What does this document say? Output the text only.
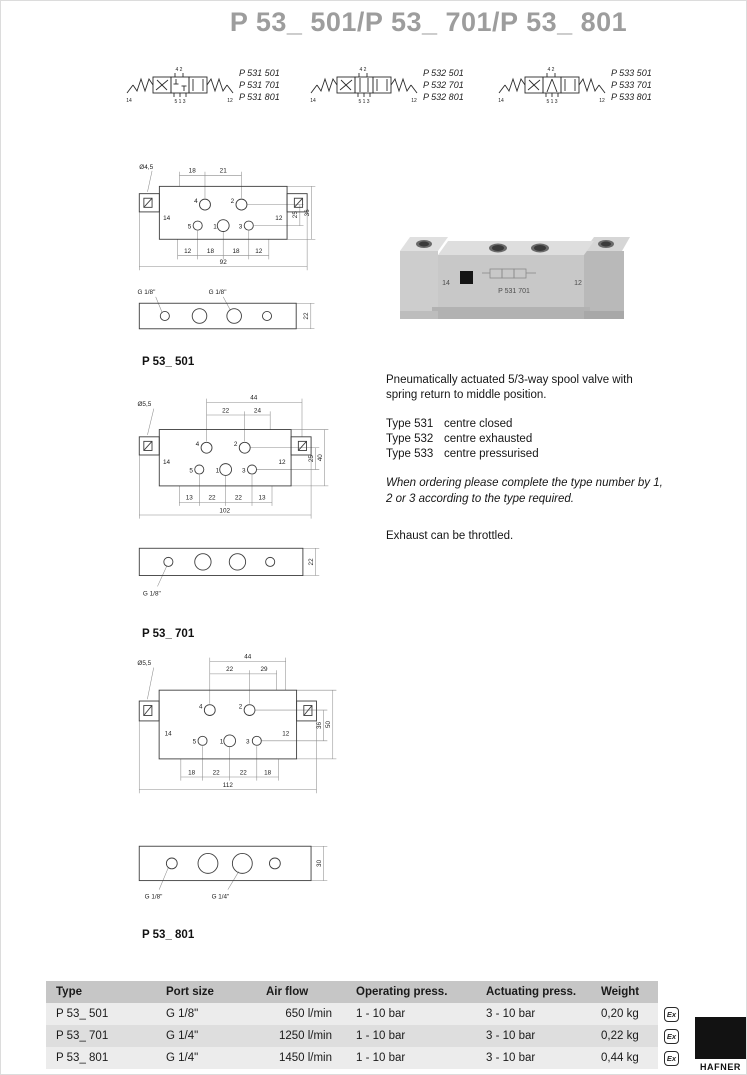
P 53_ 501/P 53_ 701/P 53_ 801
4 2
5 1 3
14	12
P 531 501
P 531 701
P 531 801
4 2
5 1 3
14	12
P 532 501
P 532 701
P 532 801
4 2
5 1 3
14	12
P 533 501
P 533 701
P 533 801
Ø4,5
18	21
4	2
14	12
5	1	3
12 18	18 12
92
25 36
G 1/8"	G 1/8"
22
P 53_ 501
P 531 701
14	12

Pneumatically actuated 5/3-way spool valve with spring return to middle position.

Type 531 centre closed
Type 532 centre exhausted
Type 533 centre pressurised

When ordering please complete the type number by 1, 2 or 3 according to the type required.

Exhaust can be throttled.

44
Ø5,5
22	24
4	2
14	12
5	1	3
13 22	22 13
102
25 40
G 1/8"
22
P 53_ 701
44
Ø5,5
22	29
4	2
14	12
5	1	3
18 22	22 18
112
36 50
G 1/8"	G 1/4"
30
P 53_ 801
Type	Port size	Air flow	Operating press.	Actuating press.	Weight
P 53_ 501	G 1/8"	650 l/min	1 - 10 bar	3 - 10 bar	0,20 kg	Ex
P 53_ 701	G 1/4"	1250 l/min	1 - 10 bar	3 - 10 bar	0,22 kg	Ex
P 53_ 801	G 1/4"	1450 l/min	1 - 10 bar	3 - 10 bar	0,44 kg	Ex
HAFNER
